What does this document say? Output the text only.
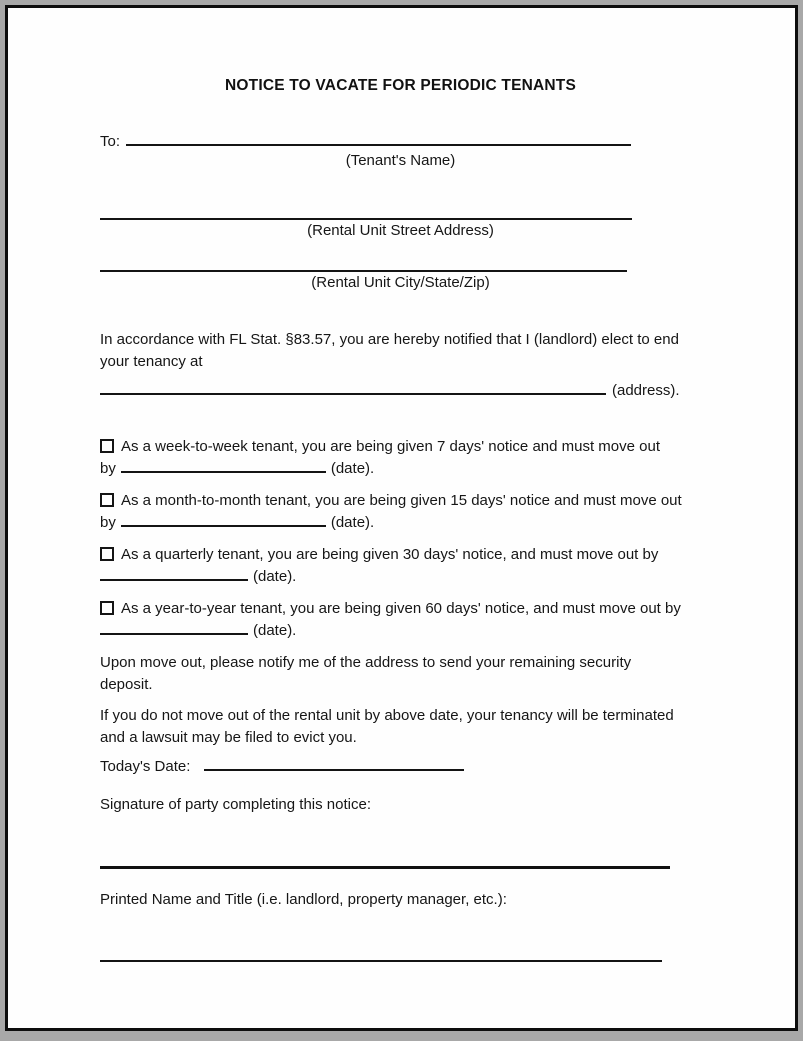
NOTICE TO VACATE FOR PERIODIC TENANTS
To:
(Tenant's Name)
(Rental Unit Street Address)
(Rental Unit City/State/Zip)
In accordance with FL Stat. §83.57, you are hereby notified that I (landlord) elect to end
your tenancy at
(address).
As a week-to-week tenant, you are being given 7 days' notice and must move out
by	(date).
As a month-to-month tenant, you are being given 15 days' notice and must move out
by	(date).
As a quarterly tenant, you are being given 30 days' notice, and must move out by
(date).
As a year-to-year tenant, you are being given 60 days' notice, and must move out by
(date).
Upon move out, please notify me of the address to send your remaining security
deposit.
If you do not move out of the rental unit by above date, your tenancy will be terminated
and a lawsuit may be filed to evict you.
Today's Date:
Signature of party completing this notice:
Printed Name and Title (i.e. landlord, property manager, etc.):
